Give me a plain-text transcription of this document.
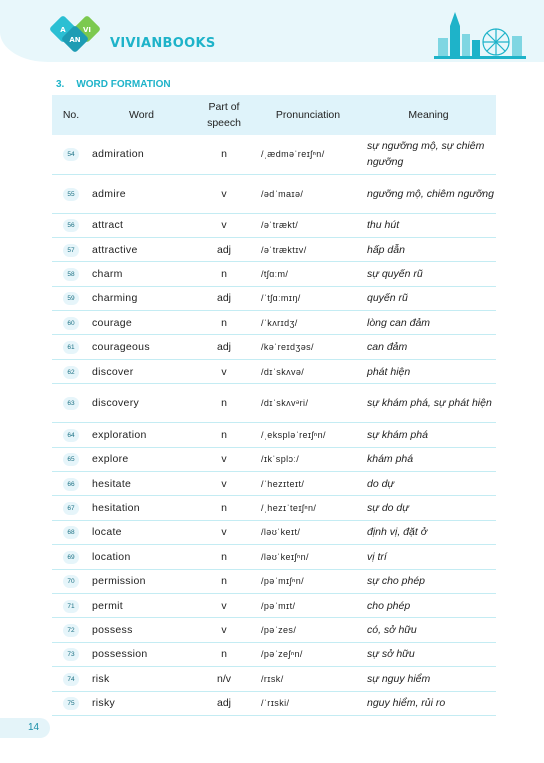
A VI
AN VIVIANBOOKS
3. WORD FORMATION
No.	Word	Part of
speech	Pronunciation	Meaning
54	admiration	n	/ˌædməˈreɪʃⁿn/	sự ngưỡng mộ, sự chiêm ngưỡng
55	admire	v	/ədˈmaɪə/	ngưỡng mộ, chiêm ngưỡng
56	attract	v	/əˈtrækt/	thu hút
57	attractive	adj	/əˈtræktɪv/	hấp dẫn
58	charm	n	/tʃɑːm/	sự quyến rũ
59	charming	adj	/ˈtʃɑːmɪŋ/	quyến rũ
60	courage	n	/ˈkʌrɪdʒ/	lòng can đảm
61	courageous	adj	/kəˈreɪdʒəs/	can đảm
62	discover	v	/dɪˈskʌvə/	phát hiện
63	discovery	n	/dɪˈskʌvᵊri/	sự khám phá, sự phát hiện
64	exploration	n	/ˌekspləˈreɪʃⁿn/	sự khám phá
65	explore	v	/ɪkˈsplɔː/	khám phá
66	hesitate	v	/ˈhezɪteɪt/	do dự
67	hesitation	n	/ˌhezɪˈteɪʃⁿn/	sự do dự
68	locate	v	/ləʊˈkeɪt/	định vị, đặt ở
69	location	n	/ləʊˈkeɪʃⁿn/	vị trí
70	permission	n	/pəˈmɪʃⁿn/	sự cho phép
71	permit	v	/pəˈmɪt/	cho phép
72	possess	v	/pəˈzes/	có, sở hữu
73	possession	n	/pəˈzeʃⁿn/	sự sở hữu
74	risk	n/v	/rɪsk/	sự nguy hiểm
75	risky	adj	/ˈrɪski/	nguy hiểm, rủi ro
14
